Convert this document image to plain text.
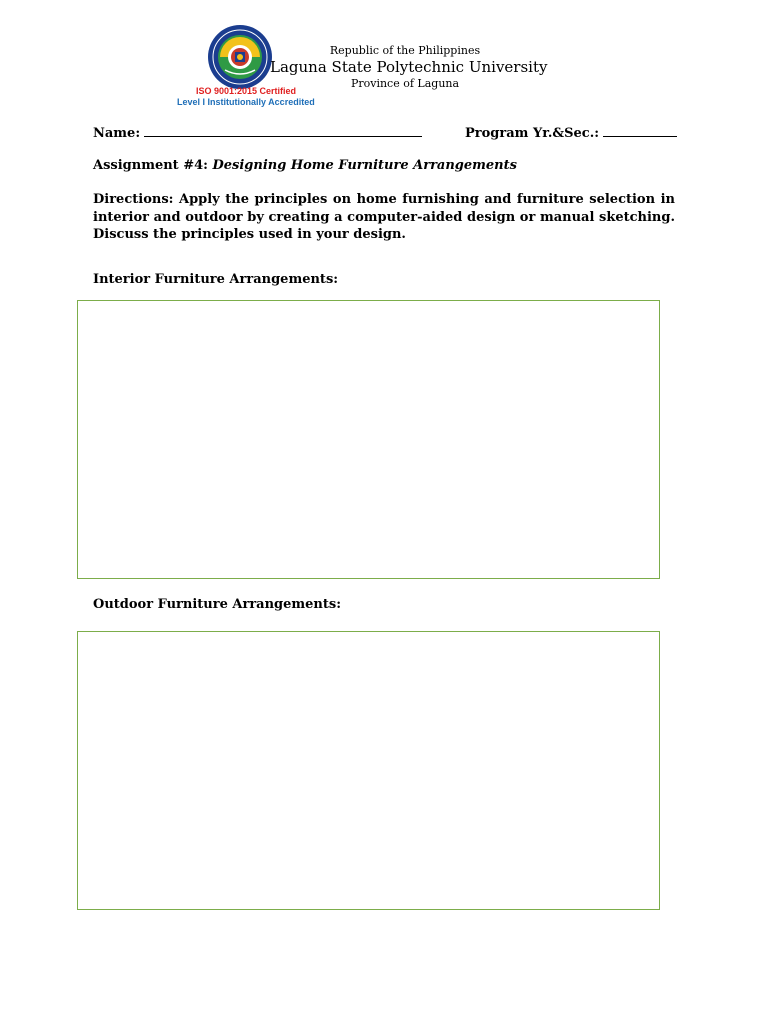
ISO 9001:2015 Certified
Level I Institutionally Accredited
Republic of the Philippines
Laguna State Polytechnic University
Province of Laguna
Name:	Program Yr.&Sec.:
Assignment #4: Designing Home Furniture Arrangements
Directions: Apply the principles on home furnishing and furniture selection in interior and outdoor by creating a computer-aided design or manual sketching. Discuss the principles used in your design.
Interior Furniture Arrangements:
Outdoor Furniture Arrangements:
